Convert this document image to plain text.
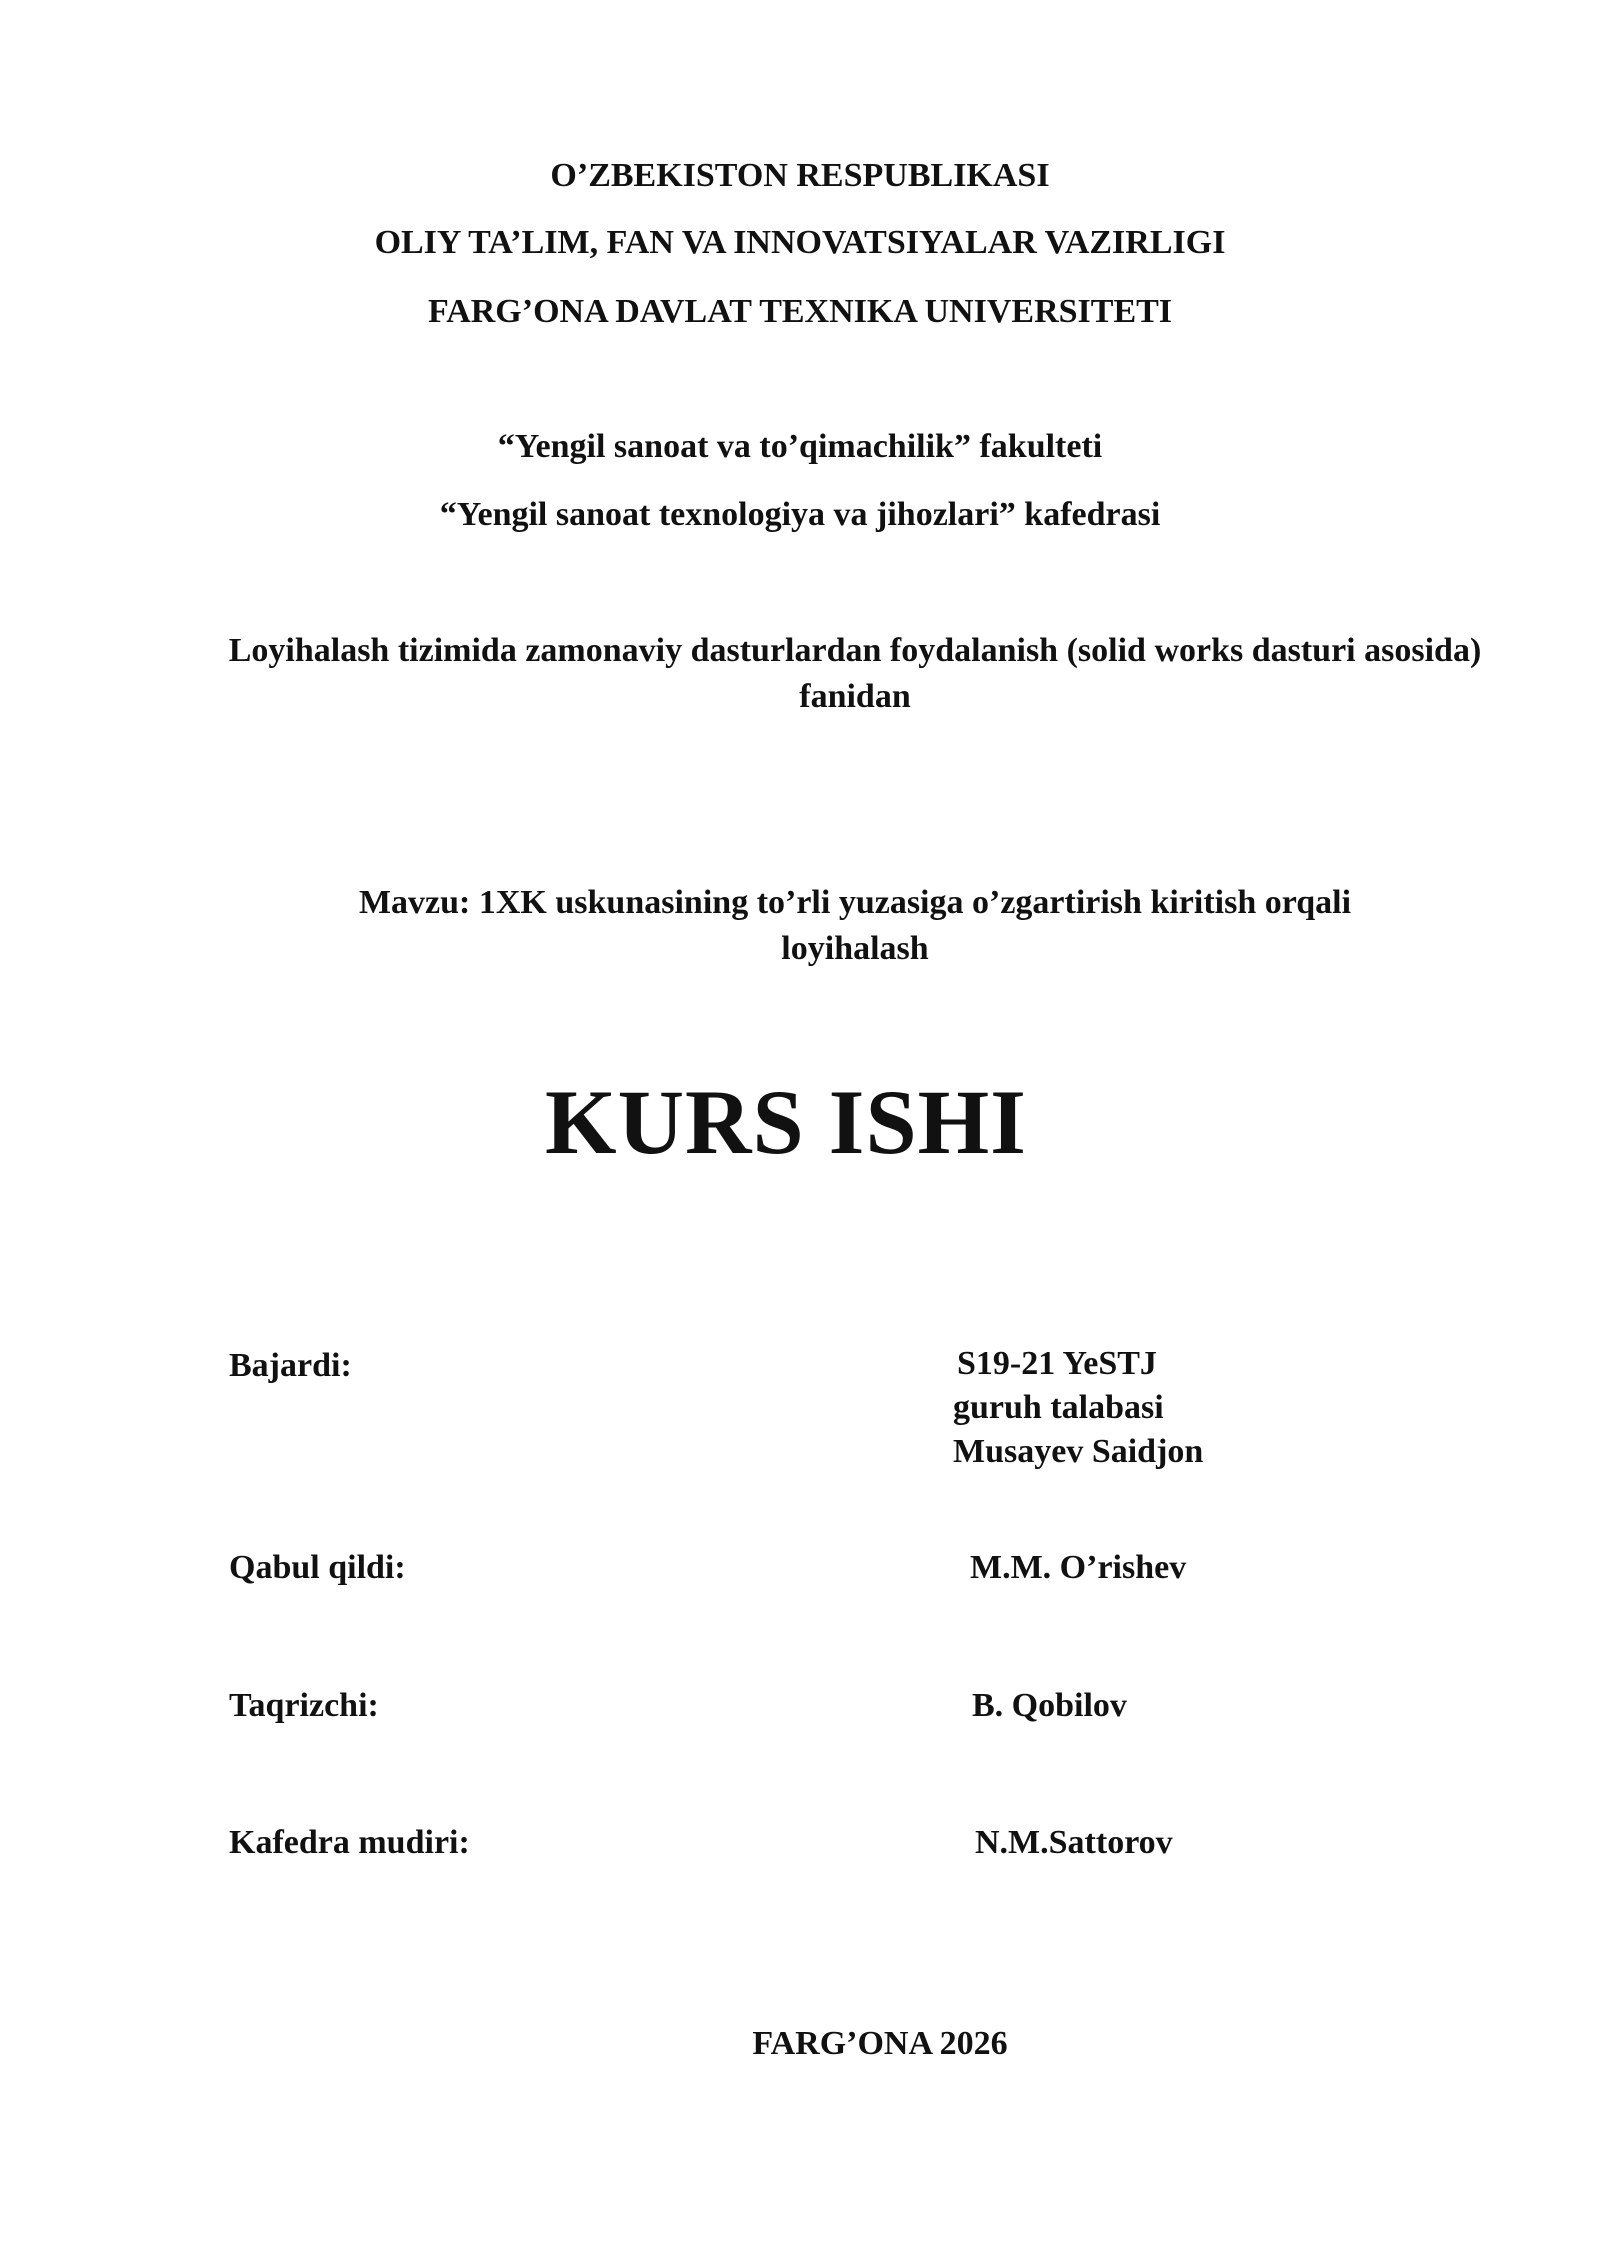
O’ZBEKISTON RESPUBLIKASI
OLIY TA’LIM, FAN VA INNOVATSIYALAR VAZIRLIGI
FARG’ONA DAVLAT TEXNIKA UNIVERSITETI
“Yengil sanoat va to’qimachilik” fakulteti
“Yengil sanoat texnologiya va jihozlari” kafedrasi
Loyihalash tizimida zamonaviy dasturlardan foydalanish (solid works dasturi asosida) fanidan
Mavzu: 1XK uskunasining to’rli yuzasiga o’zgartirish kiritish orqali loyihalash
KURS ISHI
Bajardi:	S19-21 YeSTJ
guruh talabasi
Musayev Saidjon
Qabul qildi:	M.M. O’rishev
Taqrizchi:	B. Qobilov
Kafedra mudiri:	N.M.Sattorov
FARG’ONA 2026
